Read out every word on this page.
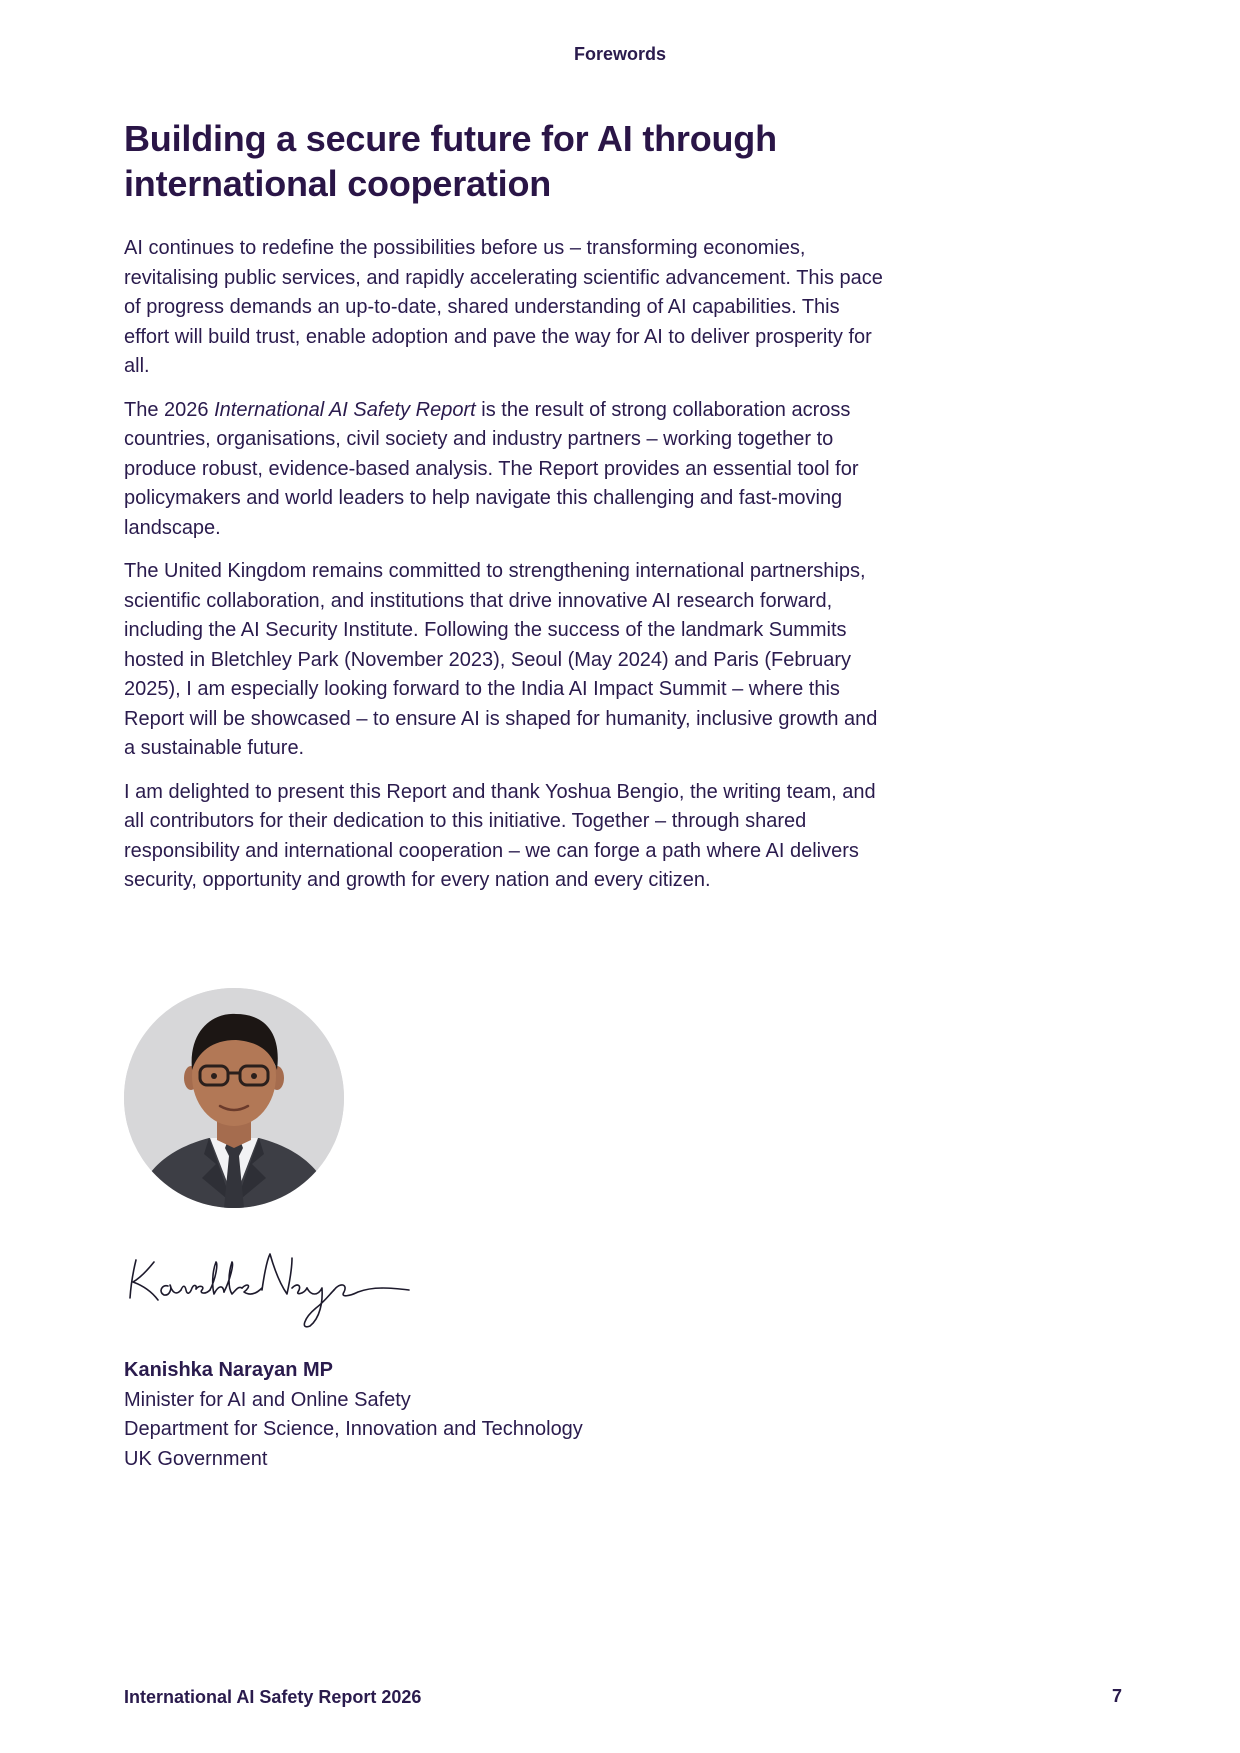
Forewords
Building a secure future for AI through international cooperation

AI continues to redefine the possibilities before us – transforming economies, revitalising public services, and rapidly accelerating scientific advancement. This pace of progress demands an up-to-date, shared understanding of AI capabilities. This effort will build trust, enable adoption and pave the way for AI to deliver prosperity for all.

The 2026 International AI Safety Report is the result of strong collaboration across countries, organisations, civil society and industry partners – working together to produce robust, evidence-based analysis. The Report provides an essential tool for policymakers and world leaders to help navigate this challenging and fast-moving landscape.

The United Kingdom remains committed to strengthening international partnerships, scientific collaboration, and institutions that drive innovative AI research forward, including the AI Security Institute. Following the success of the landmark Summits hosted in Bletchley Park (November 2023), Seoul (May 2024) and Paris (February 2025), I am especially looking forward to the India AI Impact Summit – where this Report will be showcased – to ensure AI is shaped for humanity, inclusive growth and a sustainable future.

I am delighted to present this Report and thank Yoshua Bengio, the writing team, and all contributors for their dedication to this initiative. Together – through shared responsibility and international cooperation – we can forge a path where AI delivers security, opportunity and growth for every nation and every citizen.

Kanishka Narayan MP
Minister for AI and Online Safety
Department for Science, Innovation and Technology
UK Government
International AI Safety Report 2026	7
